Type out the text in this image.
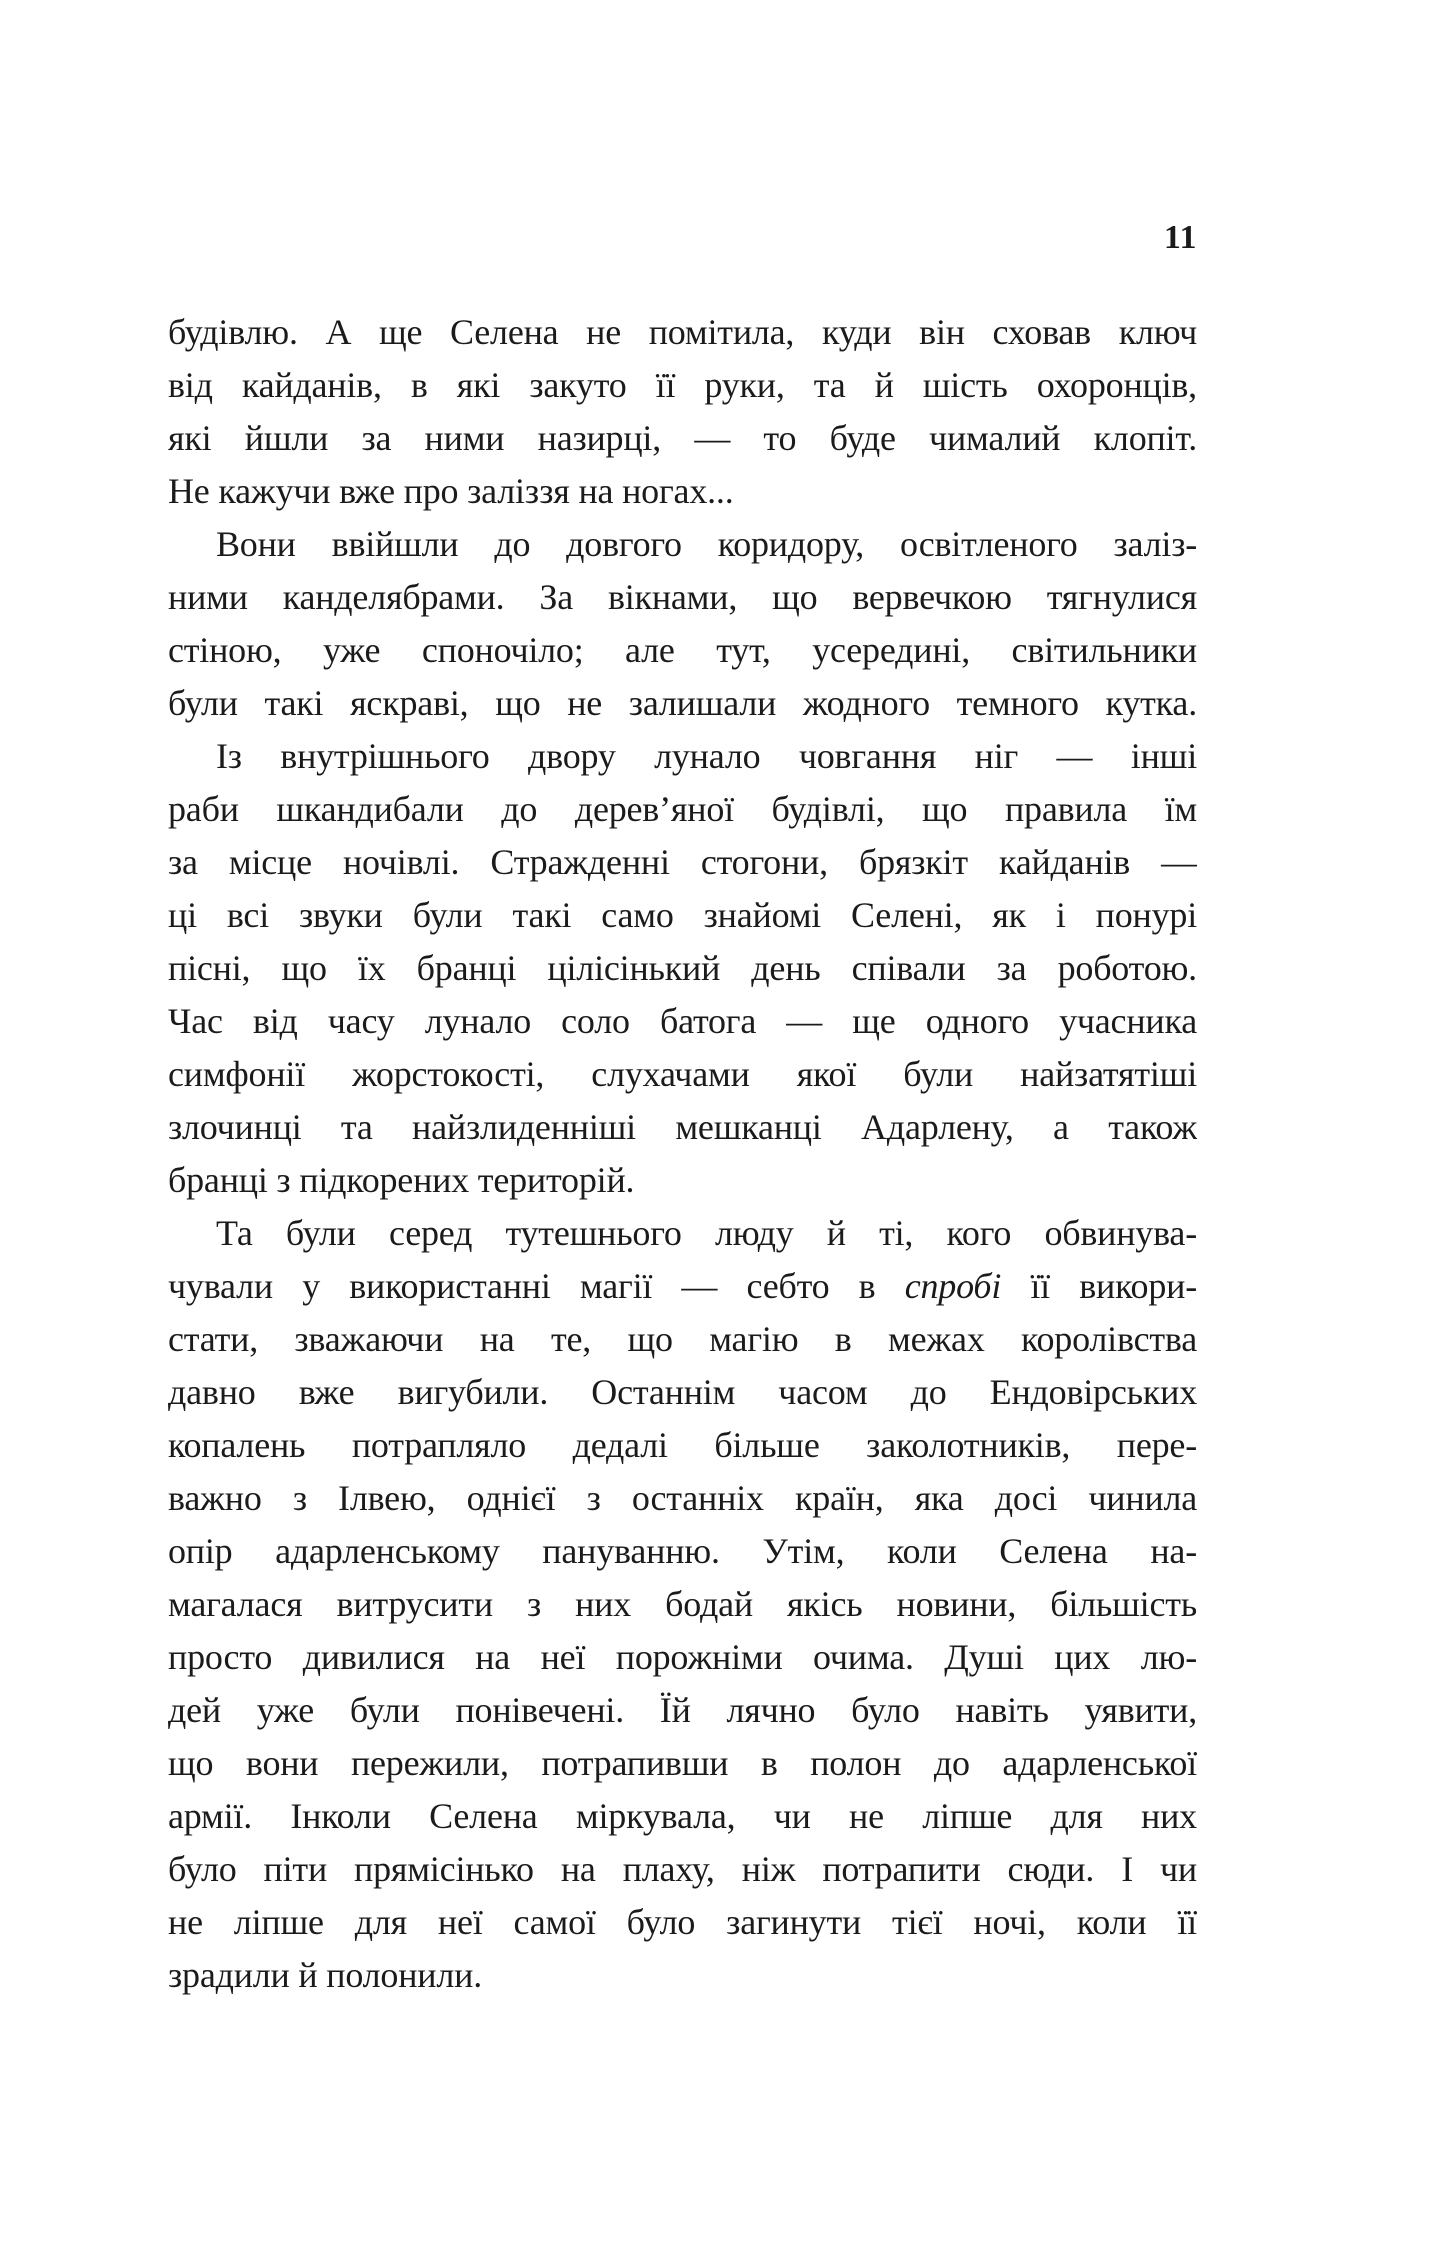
11
будівлю. А ще Селена не помітила, куди він сховав ключ
від кайданів, в які закуто її руки, та й шість охоронців,
які йшли за ними назирці, — то буде чималий клопіт.
Не кажучи вже про заліззя на ногах...
Вони ввійшли до довгого коридору, освітленого заліз-
ними канделябрами. За вікнами, що вервечкою тягнулися
стіною, уже споночіло; але тут, усередині, світильники
були такі яскраві, що не залишали жодного темного кутка.
Із внутрішнього двору лунало човгання ніг — інші
раби шкандибали до дерев’яної будівлі, що правила їм
за місце ночівлі. Стражденні стогони, брязкіт кайданів —
ці всі звуки були такі само знайомі Селені, як і понурі
пісні, що їх бранці цілісінький день співали за роботою.
Час від часу лунало соло батога — ще одного учасника
симфонії жорстокості, слухачами якої були найзатятіші
злочинці та найзлиденніші мешканці Адарлену, а також
бранці з підкорених територій.
Та були серед тутешнього люду й ті, кого обвинува-
чували у використанні магії — себто в спробі її викори-
стати, зважаючи на те, що магію в межах королівства
давно вже вигубили. Останнім часом до Ендовірських
копалень потрапляло дедалі більше заколотників, пере-
важно з Ілвею, однієї з останніх країн, яка досі чинила
опір адарленському пануванню. Утім, коли Селена на-
магалася витрусити з них бодай якісь новини, більшість
просто дивилися на неї порожніми очима. Душі цих лю-
дей уже були понівечені. Їй лячно було навіть уявити,
що вони пережили, потрапивши в полон до адарленської
армії. Інколи Селена міркувала, чи не ліпше для них
було піти прямісінько на плаху, ніж потрапити сюди. І чи
не ліпше для неї самої було загинути тієї ночі, коли її
зрадили й полонили.
